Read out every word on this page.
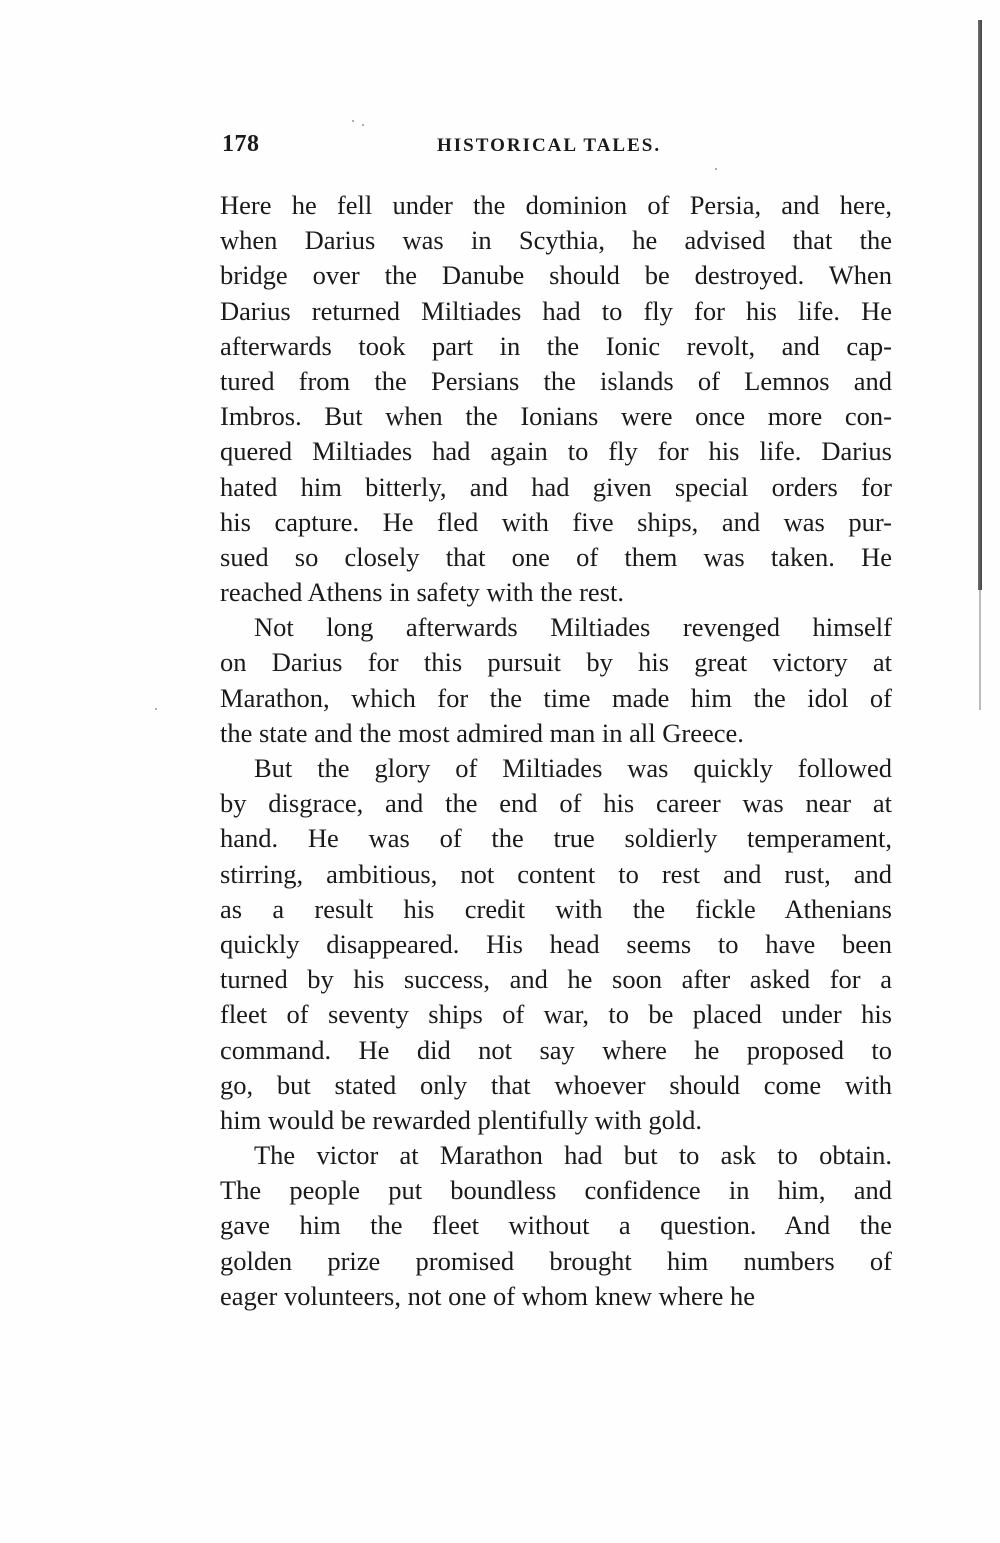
178	HISTORICAL TALES.
Here he fell under the dominion of Persia, and here,
when Darius was in Scythia, he advised that the
bridge over the Danube should be destroyed. When
Darius returned Miltiades had to fly for his life. He
afterwards took part in the Ionic revolt, and cap-
tured from the Persians the islands of Lemnos and
Imbros. But when the Ionians were once more con-
quered Miltiades had again to fly for his life. Darius
hated him bitterly, and had given special orders for
his capture. He fled with five ships, and was pur-
sued so closely that one of them was taken. He
reached Athens in safety with the rest.
Not long afterwards Miltiades revenged himself
on Darius for this pursuit by his great victory at
Marathon, which for the time made him the idol of
the state and the most admired man in all Greece.
But the glory of Miltiades was quickly followed
by disgrace, and the end of his career was near at
hand. He was of the true soldierly temperament,
stirring, ambitious, not content to rest and rust, and
as a result his credit with the fickle Athenians
quickly disappeared. His head seems to have been
turned by his success, and he soon after asked for a
fleet of seventy ships of war, to be placed under his
command. He did not say where he proposed to
go, but stated only that whoever should come with
him would be rewarded plentifully with gold.
The victor at Marathon had but to ask to obtain.
The people put boundless confidence in him, and
gave him the fleet without a question. And the
golden prize promised brought him numbers of
eager volunteers, not one of whom knew where he
